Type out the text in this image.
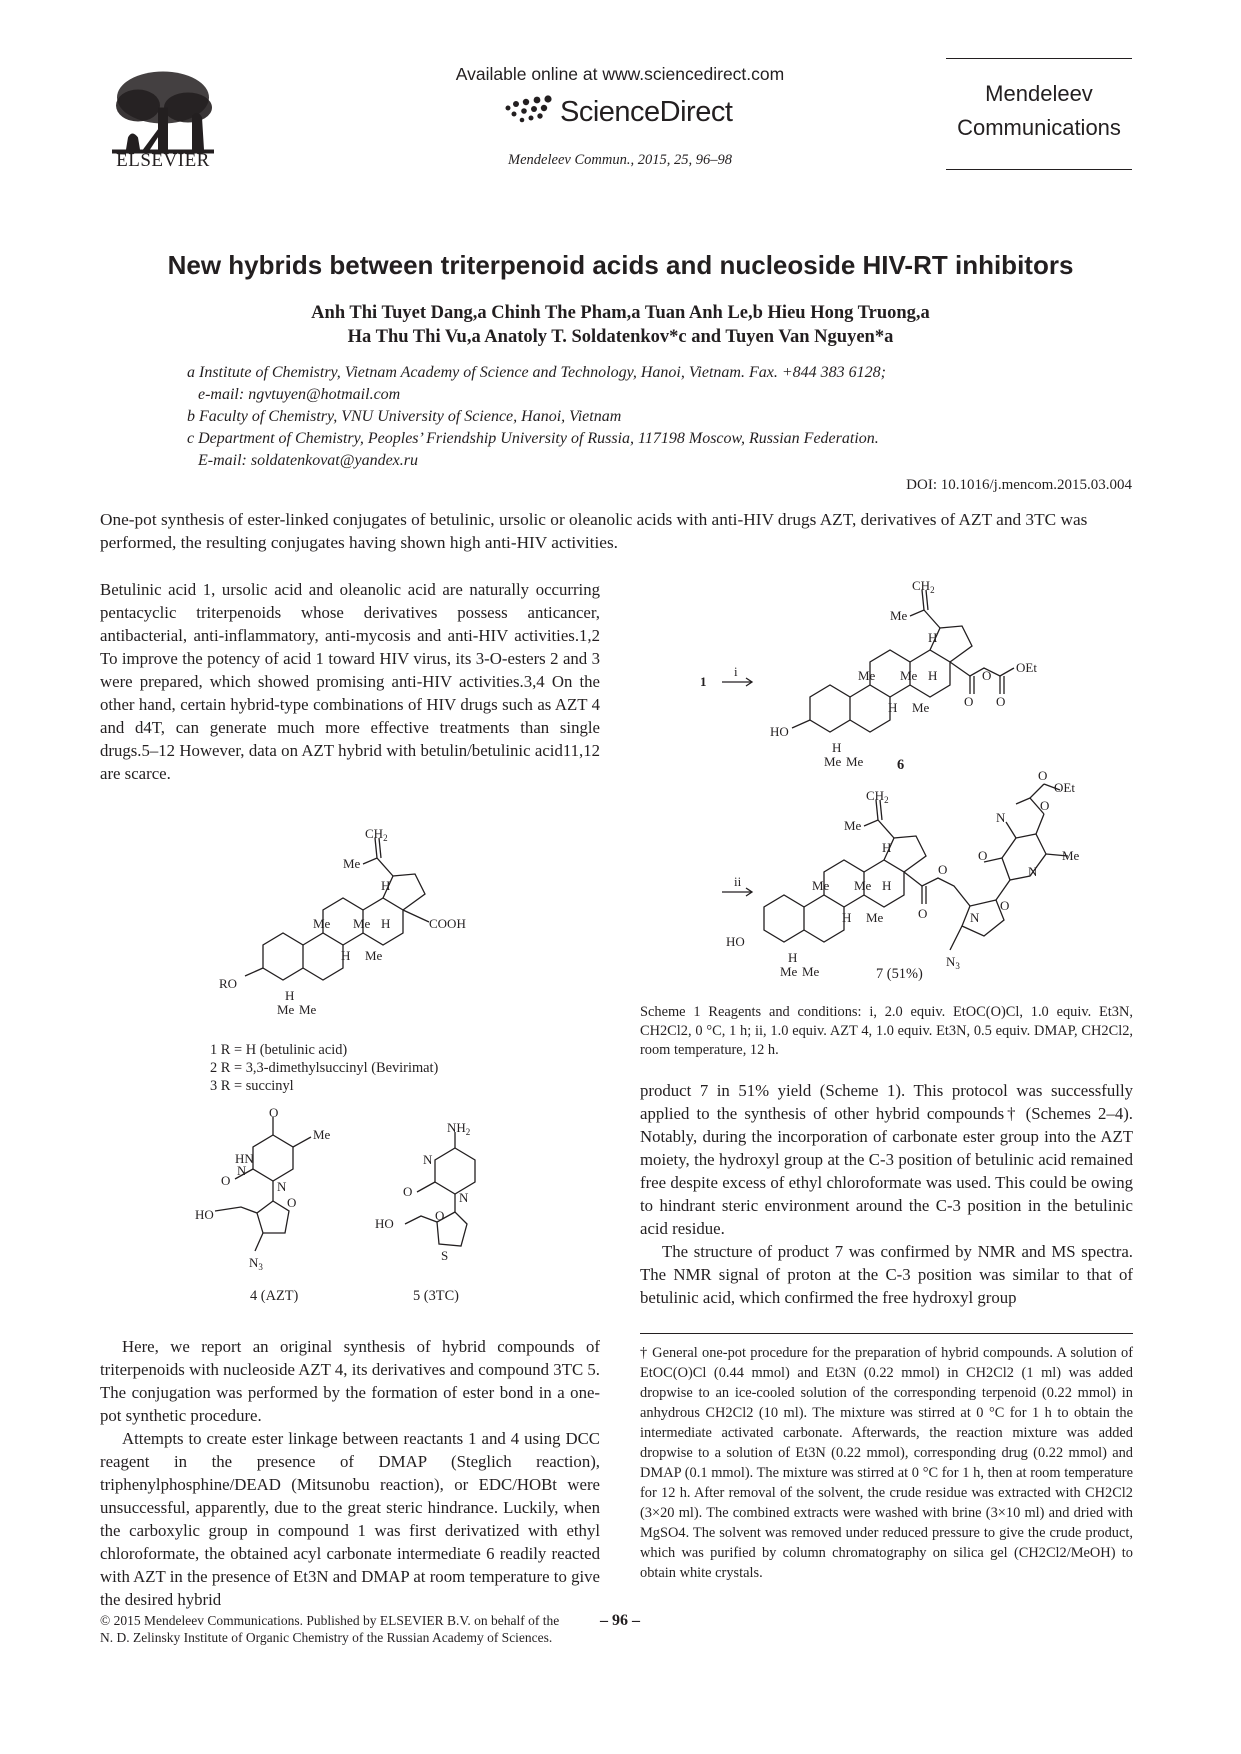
ELSEVIER
Available online at www.sciencedirect.com
ScienceDirect
Mendeleev Commun., 2015, 25, 96–98
Mendeleev
Communications
New hybrids between triterpenoid acids and nucleoside HIV-RT inhibitors
Anh Thi Tuyet Dang,a Chinh The Pham,a Tuan Anh Le,b Hieu Hong Truong,a
Ha Thu Thi Vu,a Anatoly T. Soldatenkov*c and Tuyen Van Nguyen*a
a Institute of Chemistry, Vietnam Academy of Science and Technology, Hanoi, Vietnam. Fax. +844 383 6128;
e-mail: ngvtuyen@hotmail.com
b Faculty of Chemistry, VNU University of Science, Hanoi, Vietnam
c Department of Chemistry, Peoples’ Friendship University of Russia, 117198 Moscow, Russian Federation.
E-mail: soldatenkovat@yandex.ru
DOI: 10.1016/j.mencom.2015.03.004
One-pot synthesis of ester-linked conjugates of betulinic, ursolic or oleanolic acids with anti-HIV drugs AZT, derivatives of AZT and 3TC was performed, the resulting conjugates having shown high anti-HIV activities.
Betulinic acid 1, ursolic acid and oleanolic acid are naturally occurring pentacyclic triterpenoids whose derivatives possess anticancer, antibacterial, anti-inflammatory, anti-mycosis and anti-HIV activities.1,2 To improve the potency of acid 1 toward HIV virus, its 3-O-esters 2 and 3 were prepared, which showed promising anti-HIV activities.3,4 On the other hand, certain hybrid-type combinations of HIV drugs such as AZT 4 and d4T, can generate much more effective treatments than single drugs.5–12 However, data on AZT hybrid with betulin/betulinic acid11,12 are scarce.
$CH_2$
Me
H
Me Me H	COOH
H Me
RO
H
Me Me
1 R = H (betulinic acid)
2 R = 3,3-dimethylsuccinyl (Bevirimat)
3 R = succinyl
O
Me
HN
O
N
N
O
HO
$N_3$
4 (AZT)
$NH_2$
N
O	N
O
HO
S
5 (3TC)
Here, we report an original synthesis of hybrid compounds of triterpenoids with nucleoside AZT 4, its derivatives and compound 3TC 5. The conjugation was performed by the formation of ester bond in a one-pot synthetic procedure.
Attempts to create ester linkage between reactants 1 and 4 using DCC reagent in the presence of DMAP (Steglich reaction), triphenylphosphine/DEAD (Mitsunobu reaction), or EDC/HOBt were unsuccessful, apparently, due to the great steric hindrance. Luckily, when the carboxylic group in compound 1 was first derivatized with ethyl chloroformate, the obtained acyl carbonate intermediate 6 readily reacted with AZT in the presence of Et3N and DMAP at room temperature to give the desired hybrid
1
i
$CH_2$
Me
H
Me Me H
H Me	O
O
O
OEt
HO
H
Me Me 6
ii
$CH_2$
Me
H
Me Me H
H Me	O
O
O
N
$N_3$
O
N
N
Me
O
O
OEt
HO
H
Me Me	7 (51%)
Scheme 1 Reagents and conditions: i, 2.0 equiv. EtOC(O)Cl, 1.0 equiv. Et3N, CH2Cl2, 0 °C, 1 h; ii, 1.0 equiv. AZT 4, 1.0 equiv. Et3N, 0.5 equiv. DMAP, CH2Cl2, room temperature, 12 h.
product 7 in 51% yield (Scheme 1). This protocol was successfully applied to the synthesis of other hybrid compounds† (Schemes 2–4). Notably, during the incorporation of carbonate ester group into the AZT moiety, the hydroxyl group at the C-3 position of betulinic acid remained free despite excess of ethyl chloroformate was used. This could be owing to hindrant steric environment around the C-3 position in the betulinic acid residue.
The structure of product 7 was confirmed by NMR and MS spectra. The NMR signal of proton at the C-3 position was similar to that of betulinic acid, which confirmed the free hydroxyl group
† General one-pot procedure for the preparation of hybrid compounds. A solution of EtOC(O)Cl (0.44 mmol) and Et3N (0.22 mmol) in CH2Cl2 (1 ml) was added dropwise to an ice-cooled solution of the corresponding terpenoid (0.22 mmol) in anhydrous CH2Cl2 (10 ml). The mixture was stirred at 0 °C for 1 h to obtain the intermediate activated carbonate. Afterwards, the reaction mixture was added dropwise to a solution of Et3N (0.22 mmol), corresponding drug (0.22 mmol) and DMAP (0.1 mmol). The mixture was stirred at 0 °C for 1 h, then at room temperature for 12 h. After removal of the solvent, the crude residue was extracted with CH2Cl2 (3×20 ml). The combined extracts were washed with brine (3×10 ml) and dried with MgSO4. The solvent was removed under reduced pressure to give the crude product, which was purified by column chromatography on silica gel (CH2Cl2/MeOH) to obtain white crystals.
© 2015 Mendeleev Communications. Published by ELSEVIER B.V. on behalf of the N. D. Zelinsky Institute of Organic Chemistry of the Russian Academy of Sciences.
– 96 –
